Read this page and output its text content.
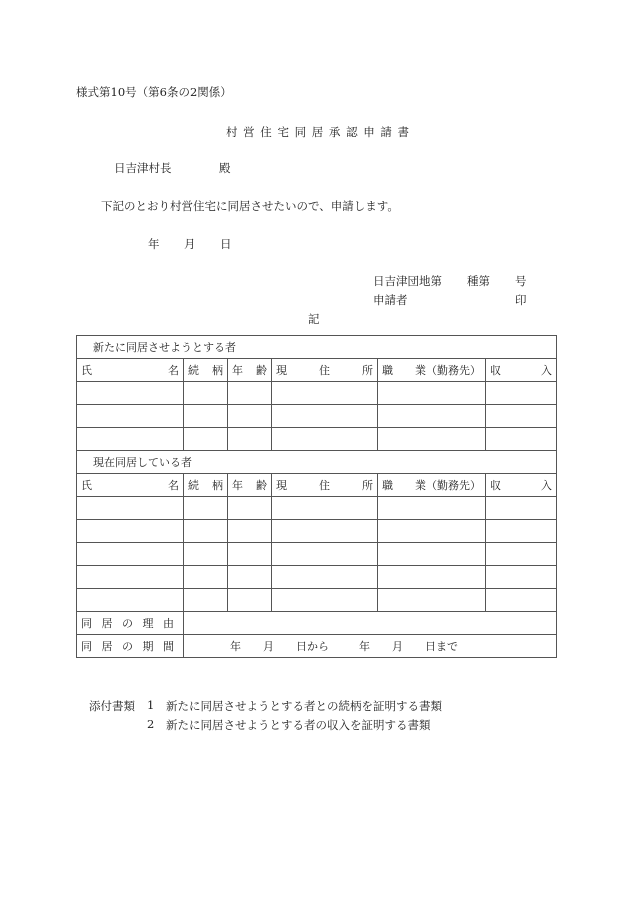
様式第10号（第6条の2関係）
村 営 住 宅 同 居 承 認 申 請 書
日吉津村長	殿
下記のとおり村営住宅に同居させたいので、申請します。
年 月 日
日吉津団地第 種第 号
申請者	印
記
新たに同居させようとする者					

氏 名	続 柄	年 齢	現 住 所	職 業（勤務先）	収 入

現在同居している者					

氏 名	続 柄	年 齢	現 住 所	職 業（勤務先）	収 入

同 居 の 理 由					
同 居 の 期 間	年 月 日から 年 月 日まで				
添付書類 1 新たに同居させようとする者との続柄を証明する書類
2 新たに同居させようとする者の収入を証明する書類
